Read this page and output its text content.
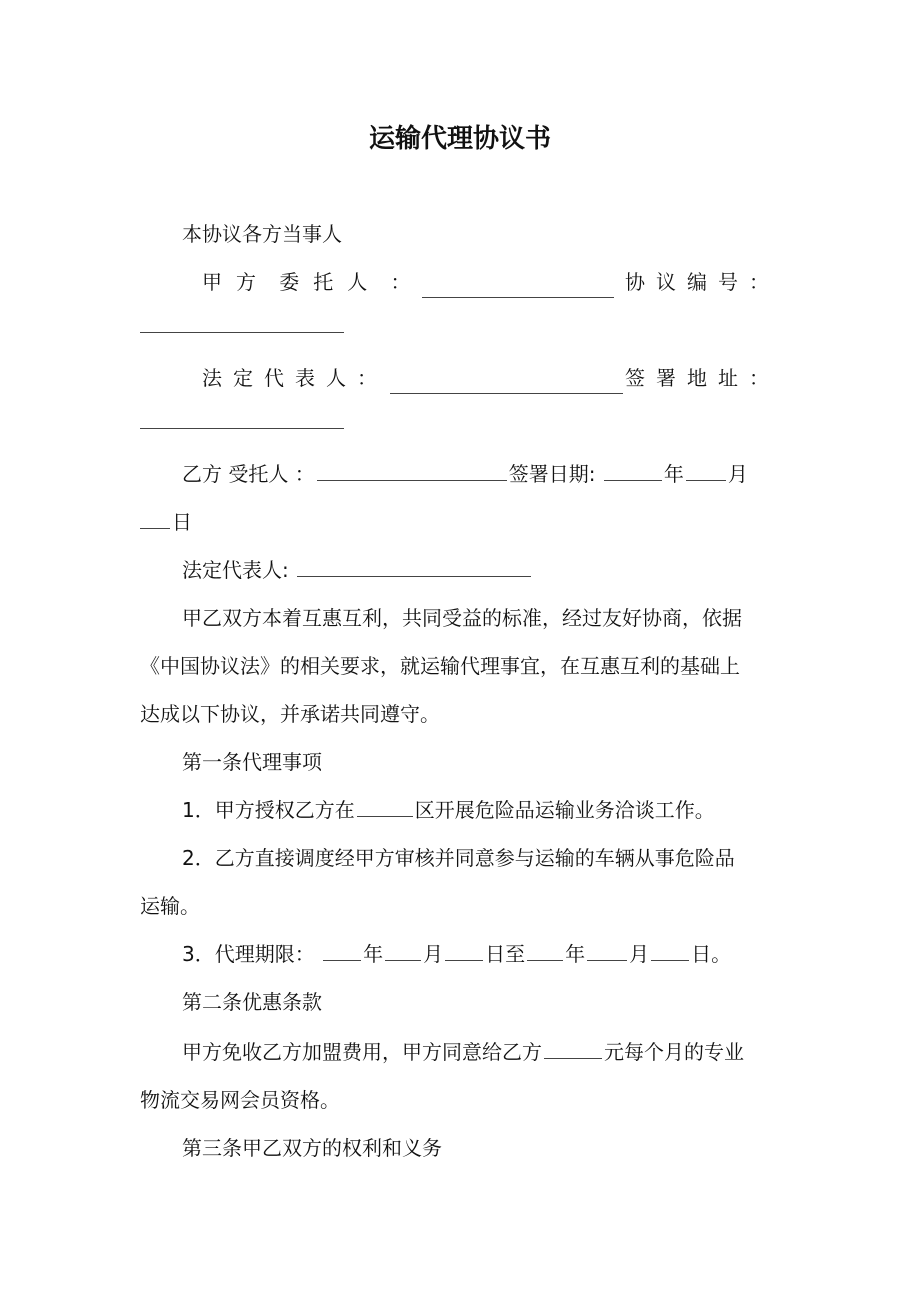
运输代理协议书
本协议各方当事人
甲方 委托人 ：	协议编号：
法定代表人：	签署地址：
乙方 受托人 ：	签署日期:	年 月
日
法定代表人:
甲乙双方本着互惠互利，共同受益的标准，经过友好协商，依据
《中国协议法》的相关要求，就运输代理事宜，在互惠互利的基础上
达成以下协议，并承诺共同遵守。
第一条代理事项
1．甲方授权乙方在	区开展危险品运输业务洽谈工作。
2．乙方直接调度经甲方审核并同意参与运输的车辆从事危险品
运输。
3．代理期限： 年 月 日至 年 月 日。
第二条优惠条款
甲方免收乙方加盟费用，甲方同意给乙方	元每个月的专业
物流交易网会员资格。
第三条甲乙双方的权利和义务
